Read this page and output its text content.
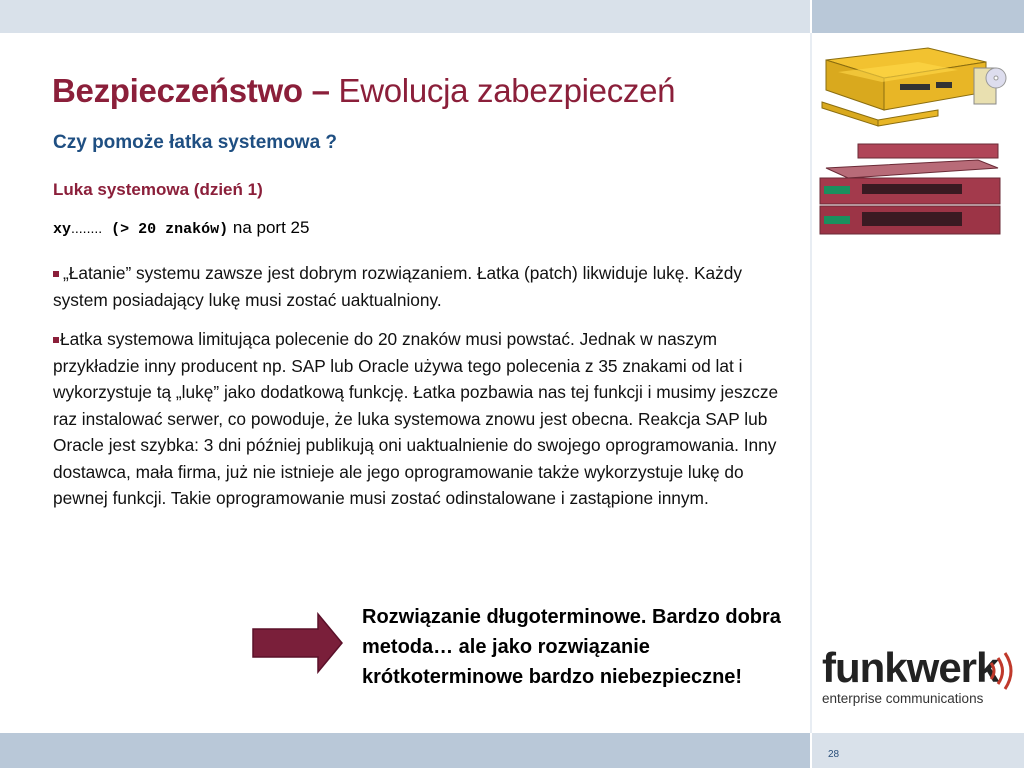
28
Bezpieczeństwo – Ewolucja zabezpieczeń
Czy pomoże łatka systemowa ?
Luka systemowa (dzień 1)
xy........ (> 20 znaków) na port 25
„Łatanie” systemu zawsze jest dobrym rozwiązaniem. Łatka (patch) likwiduje lukę. Każdy system posiadający lukę musi zostać uaktualniony.
Łatka systemowa limitująca polecenie do 20 znaków musi powstać. Jednak w naszym przykładzie inny producent np. SAP lub Oracle używa tego polecenia z 35 znakami od lat i wykorzystuje tą „lukę” jako dodatkową funkcję. Łatka pozbawia nas tej funkcji i musimy jeszcze raz instalować serwer, co powoduje, że luka systemowa znowu jest obecna. Reakcja SAP lub Oracle jest szybka: 3 dni później publikują oni uaktualnienie do swojego oprogramowania. Inny dostawca, mała firma, już nie istnieje ale jego oprogramowanie także wykorzystuje lukę do pewnej funkcji. Takie oprogramowanie musi zostać odinstalowane i zastąpione innym.
Rozwiązanie długoterminowe. Bardzo dobra metoda… ale jako rozwiązanie krótkoterminowe bardzo niebezpieczne!	funkwerk
enterprise communications
